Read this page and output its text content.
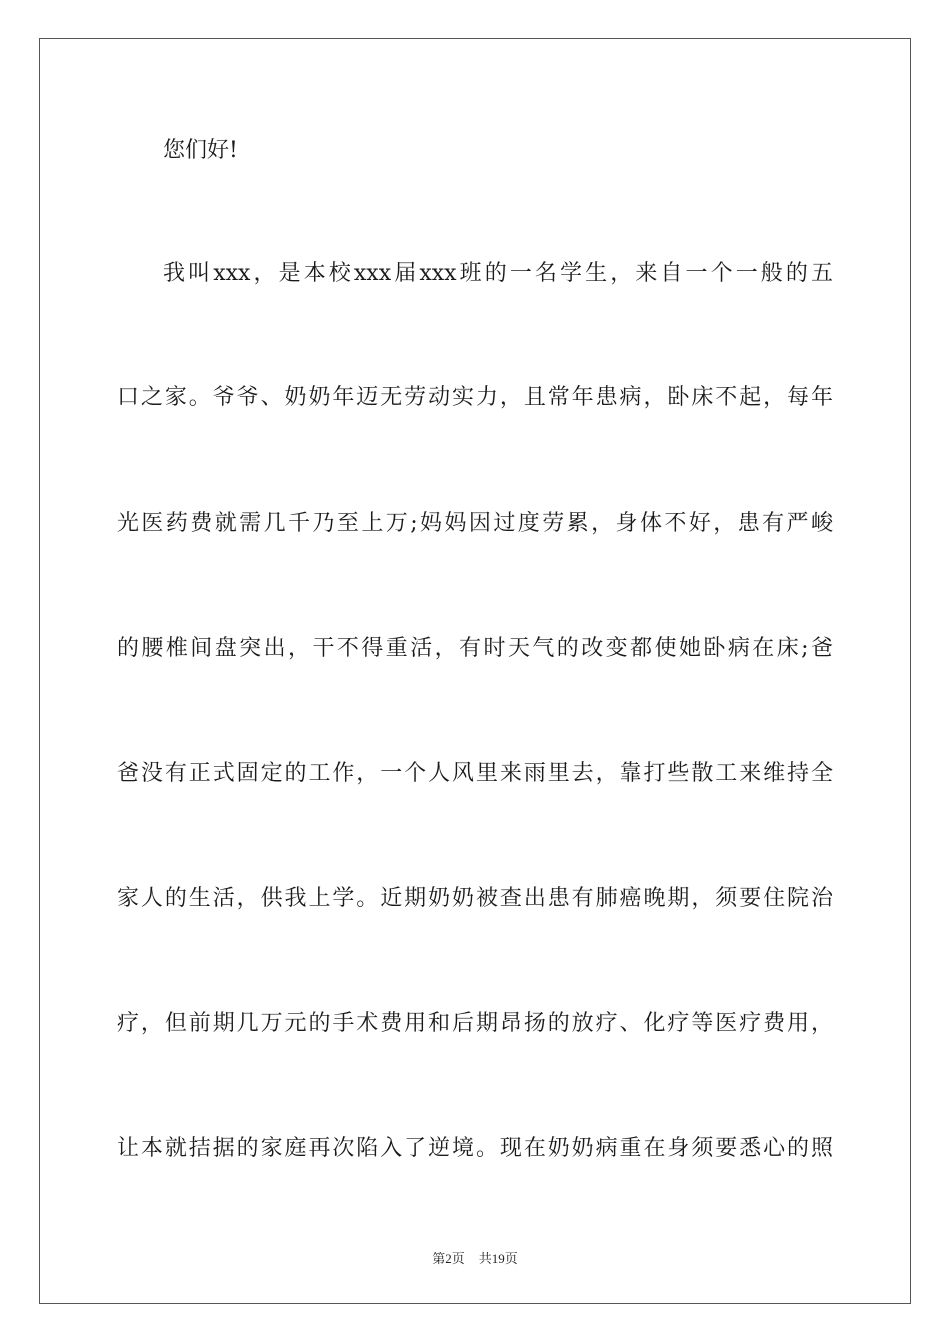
您们好!
我叫xxx，是本校xxx届xxx班的一名学生，来自一个一般的五
口之家。爷爷、奶奶年迈无劳动实力，且常年患病，卧床不起，每年
光医药费就需几千乃至上万;妈妈因过度劳累，身体不好，患有严峻
的腰椎间盘突出，干不得重活，有时天气的改变都使她卧病在床;爸
爸没有正式固定的工作，一个人风里来雨里去，靠打些散工来维持全
家人的生活，供我上学。近期奶奶被查出患有肺癌晚期，须要住院治
疗，但前期几万元的手术费用和后期昂扬的放疗、化疗等医疗费用，
让本就拮据的家庭再次陷入了逆境。现在奶奶病重在身须要悉心的照
第2页 共19页
